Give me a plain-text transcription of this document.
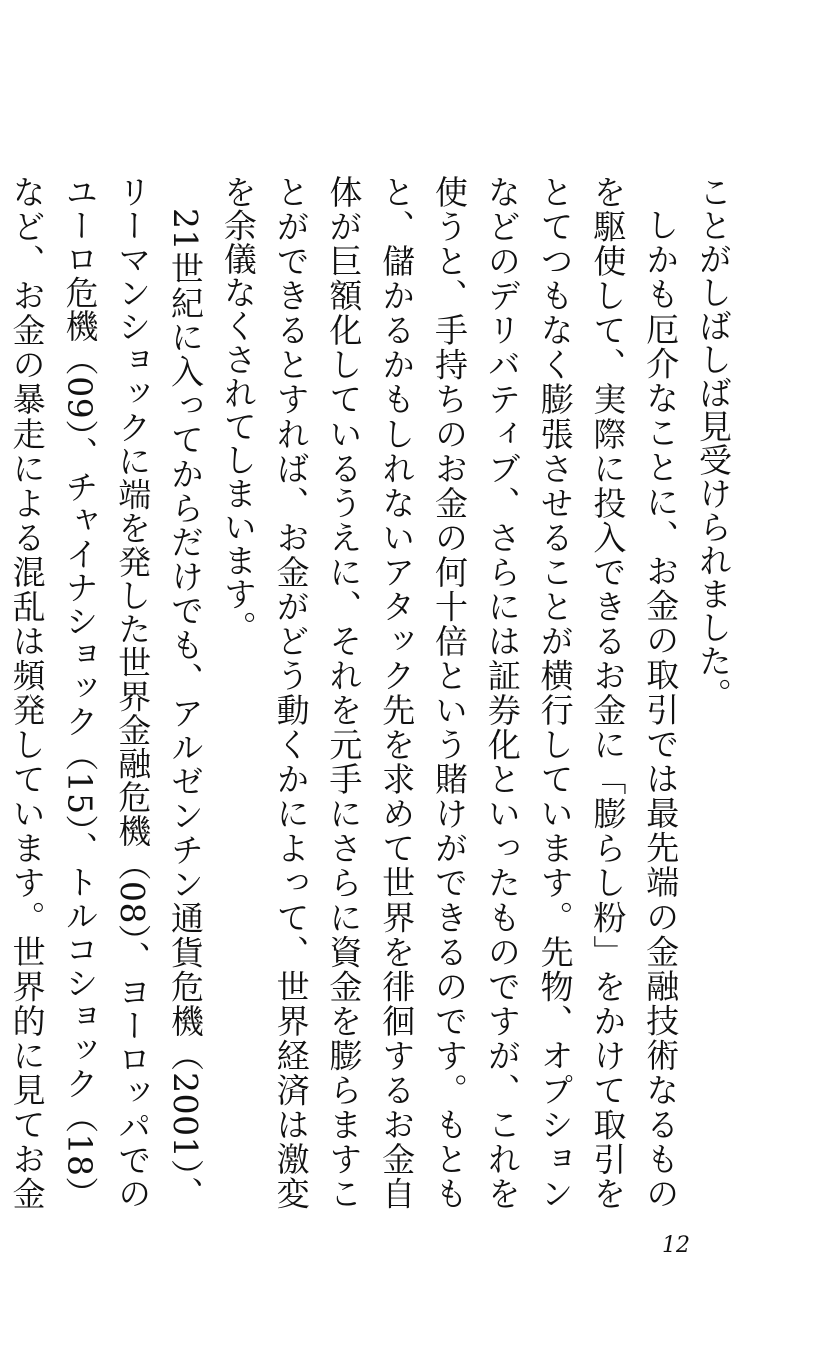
ことがしばしば見受けられました。

しかも厄介なことに、お金の取引では最先端の金融技術なるものを駆使して、実際に投入できるお金に「膨らし粉」をかけて取引をとてつもなく膨張させることが横行しています。先物、オプションなどのデリバティブ、さらには証券化といったものですが、これを使うと、手持ちのお金の何十倍という賭けができるのです。もともと、儲かるかもしれないアタック先を求めて世界を徘徊するお金自体が巨額化しているうえに、それを元手にさらに資金を膨らますことができるとすれば、お金がどう動くかによって、世界経済は激変を余儀なくされてしまいます。

21世紀に入ってからだけでも、アルゼンチン通貨危機（2001）、リーマンショックに端を発した世界金融危機（08）、ヨーロッパでのユーロ危機（09）、チャイナショック（15）、トルコショック（18）など、お金の暴走による混乱は頻発しています。世界的に見てお金

12
